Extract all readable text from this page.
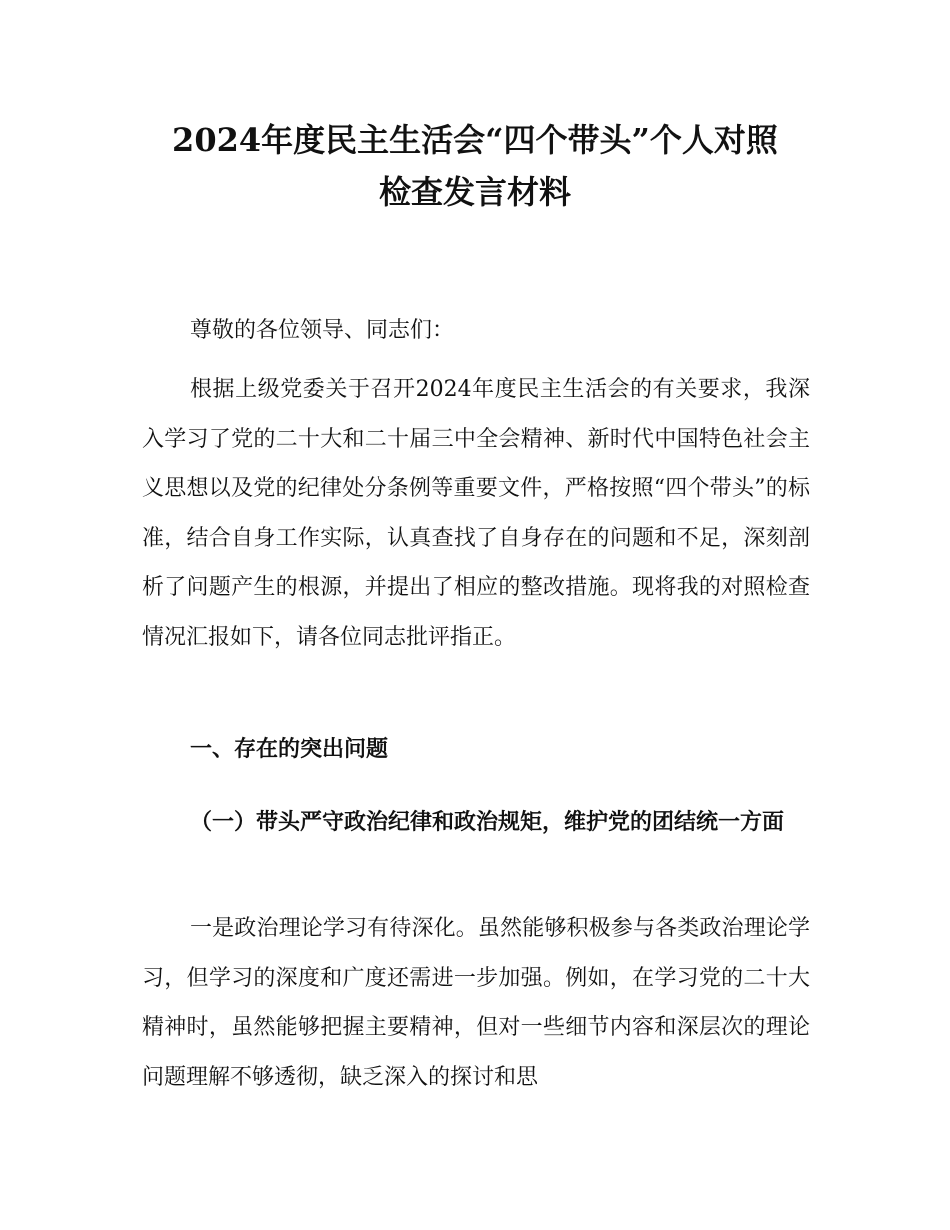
2024年度民主生活会“四个带头”个人对照
检查发言材料

尊敬的各位领导、同志们：

根据上级党委关于召开2024年度民主生活会的有关要求，我深入学习了党的二十大和二十届三中全会精神、新时代中国特色社会主义思想以及党的纪律处分条例等重要文件，严格按照“四个带头”的标准，结合自身工作实际，认真查找了自身存在的问题和不足，深刻剖析了问题产生的根源，并提出了相应的整改措施。现将我的对照检查情况汇报如下，请各位同志批评指正。

一、存在的突出问题

（一）带头严守政治纪律和政治规矩，维护党的团结统一方面

一是政治理论学习有待深化。虽然能够积极参与各类政治理论学习，但学习的深度和广度还需进一步加强。例如，在学习党的二十大精神时，虽然能够把握主要精神，但对一些细节内容和深层次的理论问题理解不够透彻，缺乏深入的探讨和思
